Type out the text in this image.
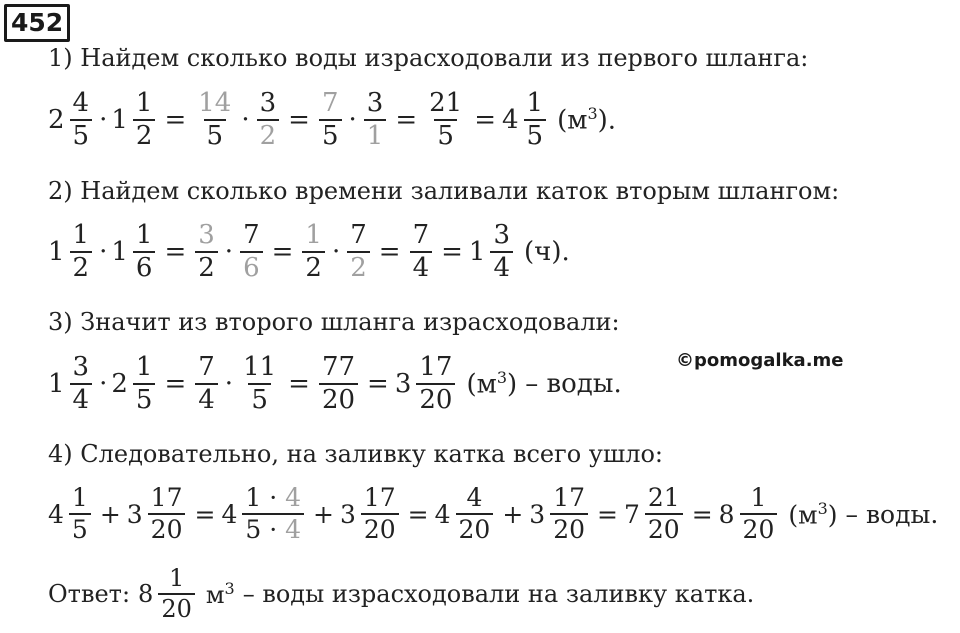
452
1) Найдем сколько воды израсходовали из первого шланга:
$2 \frac{4}{5} \cdot 1 \frac{1}{2} = \frac{14}{5} \cdot \frac{3}{2} = \frac{7}{5} \cdot \frac{3}{1} = \frac{21}{5} = 4 \frac{1}{5} (м^3)$.
2) Найдем сколько времени заливали каток вторым шлангом:
$1 \frac{1}{2} \cdot 1 \frac{1}{6} = \frac{3}{2} \cdot \frac{7}{6} = \frac{1}{2} \cdot \frac{7}{2} = \frac{7}{4} = 1 \frac{3}{4} (ч)$.
3) Значит из второго шланга израсходовали:
©pomogalka.me
$1 \frac{3}{4} \cdot 2 \frac{1}{5} = \frac{7}{4} \cdot \frac{11}{5} = \frac{77}{20} = 3 \frac{17}{20} (м^3)$ – воды.
4) Следовательно, на заливку катка всего ушло:
$4 \frac{1}{5} + 3 \frac{17}{20} = 4 \frac{1 \cdot 4}{5 \cdot 4} + 3 \frac{17}{20} = 4 \frac{4}{20} + 3 \frac{17}{20} = 7 \frac{21}{20} = 8 \frac{1}{20} (м^3)$ – воды.
Ответ: $8 \frac{1}{20} м^3$ – воды израсходовали на заливку катка.
